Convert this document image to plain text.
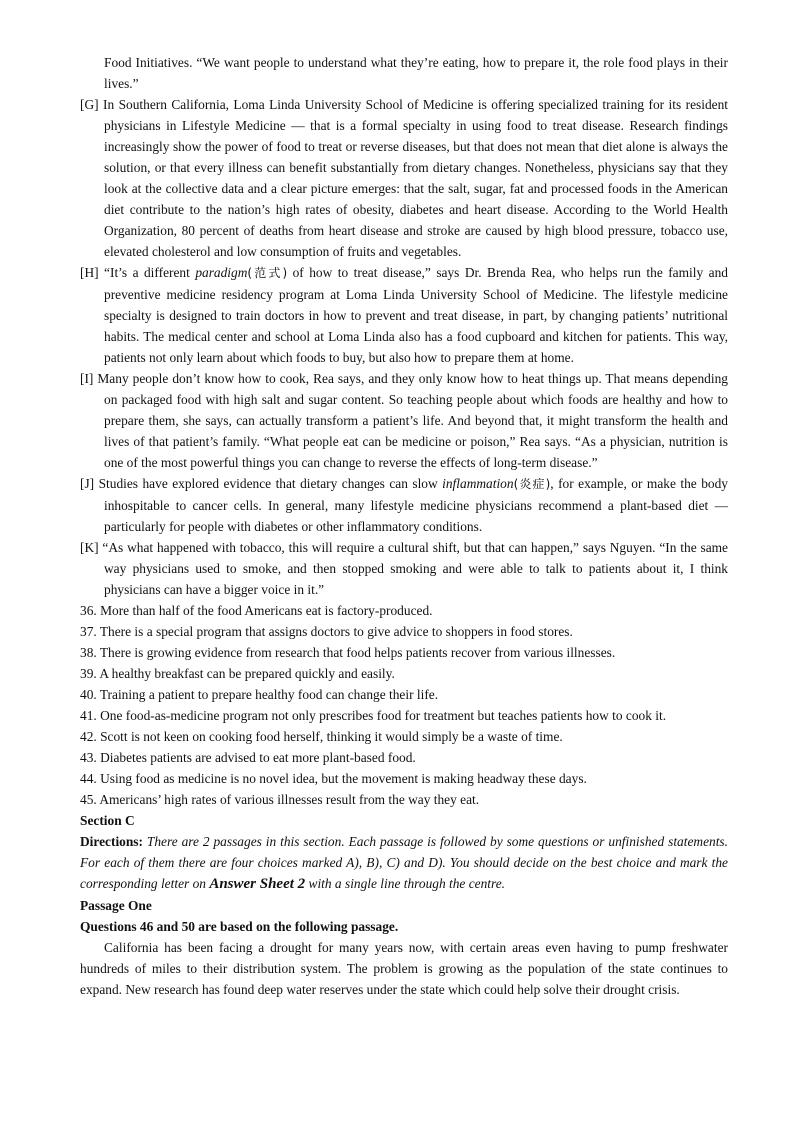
Food Initiatives. “We want people to understand what they’re eating, how to prepare it, the role food plays in their lives.”

[G] In Southern California, Loma Linda University School of Medicine is offering specialized training for its resident physicians in Lifestyle Medicine — that is a formal specialty in using food to treat disease. Research findings increasingly show the power of food to treat or reverse diseases, but that does not mean that diet alone is always the solution, or that every illness can benefit substantially from dietary changes. Nonetheless, physicians say that they look at the collective data and a clear picture emerges: that the salt, sugar, fat and processed foods in the American diet contribute to the nation’s high rates of obesity, diabetes and heart disease. According to the World Health Organization, 80 percent of deaths from heart disease and stroke are caused by high blood pressure, tobacco use, elevated cholesterol and low consumption of fruits and vegetables.

[H] “It’s a different paradigm(范式) of how to treat disease,” says Dr. Brenda Rea, who helps run the family and preventive medicine residency program at Loma Linda University School of Medicine. The lifestyle medicine specialty is designed to train doctors in how to prevent and treat disease, in part, by changing patients’ nutritional habits. The medical center and school at Loma Linda also has a food cupboard and kitchen for patients. This way, patients not only learn about which foods to buy, but also how to prepare them at home.

[I] Many people don’t know how to cook, Rea says, and they only know how to heat things up. That means depending on packaged food with high salt and sugar content. So teaching people about which foods are healthy and how to prepare them, she says, can actually transform a patient’s life. And beyond that, it might transform the health and lives of that patient’s family. “What people eat can be medicine or poison,” Rea says. “As a physician, nutrition is one of the most powerful things you can change to reverse the effects of long-term disease.”

[J] Studies have explored evidence that dietary changes can slow inflammation(炎症), for example, or make the body inhospitable to cancer cells. In general, many lifestyle medicine physicians recommend a plant-based diet — particularly for people with diabetes or other inflammatory conditions.

[K] “As what happened with tobacco, this will require a cultural shift, but that can happen,” says Nguyen. “In the same way physicians used to smoke, and then stopped smoking and were able to talk to patients about it, I think physicians can have a bigger voice in it.”

36. More than half of the food Americans eat is factory-produced.

37. There is a special program that assigns doctors to give advice to shoppers in food stores.

38. There is growing evidence from research that food helps patients recover from various illnesses.

39. A healthy breakfast can be prepared quickly and easily.

40. Training a patient to prepare healthy food can change their life.

41. One food-as-medicine program not only prescribes food for treatment but teaches patients how to cook it.

42. Scott is not keen on cooking food herself, thinking it would simply be a waste of time.

43. Diabetes patients are advised to eat more plant-based food.

44. Using food as medicine is no novel idea, but the movement is making headway these days.

45. Americans’ high rates of various illnesses result from the way they eat.

Section C

Directions: There are 2 passages in this section. Each passage is followed by some questions or unfinished statements. For each of them there are four choices marked A), B), C) and D). You should decide on the best choice and mark the corresponding letter on Answer Sheet 2 with a single line through the centre.

Passage One

Questions 46 and 50 are based on the following passage.

California has been facing a drought for many years now, with certain areas even having to pump freshwater hundreds of miles to their distribution system. The problem is growing as the population of the state continues to expand. New research has found deep water reserves under the state which could help solve their drought crisis.
